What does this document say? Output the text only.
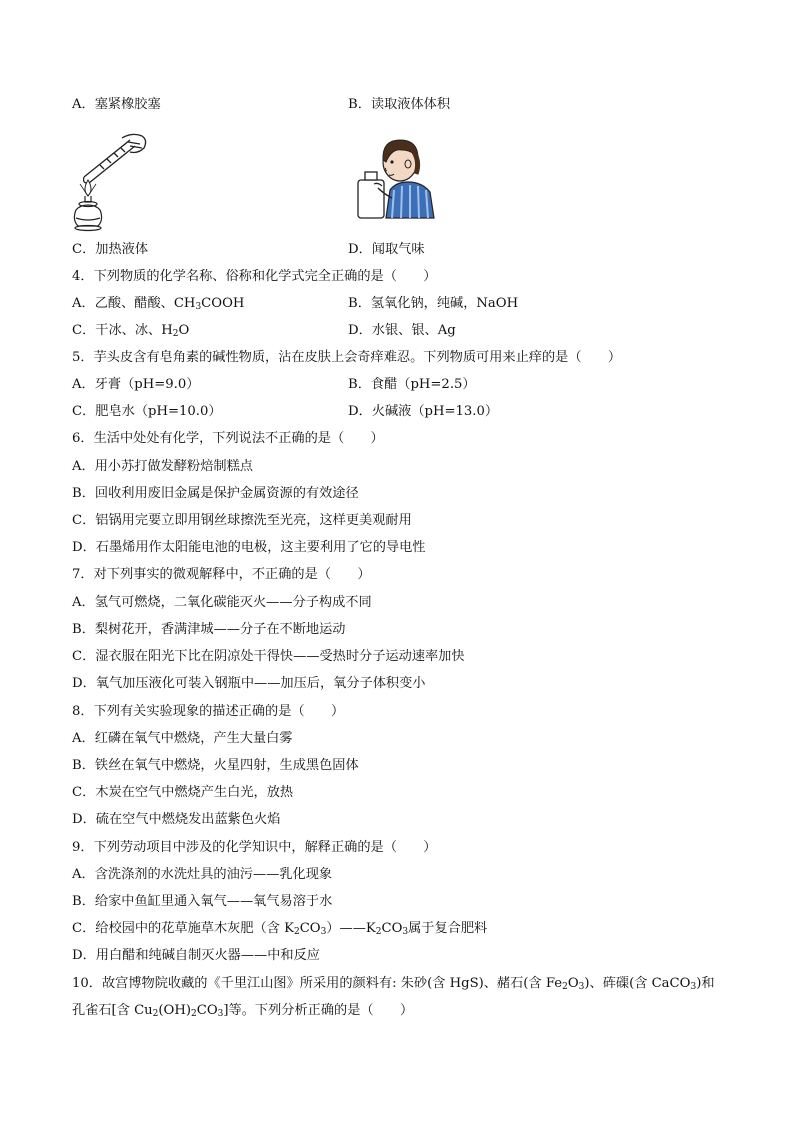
A．塞紧橡胶塞	B．读取液体体积
C．加热液体	D．闻取气味
4．下列物质的化学名称、俗称和化学式完全正确的是（　　）
A．乙酸、醋酸、$CH_3COOH$	B．氢氧化钠，纯碱，NaOH
C．干冰、冰、$H_2O$	D．水银、银、Ag
5．芋头皮含有皂角素的碱性物质，沾在皮肤上会奇痒难忍。下列物质可用来止痒的是（　　）
A．牙膏（pH=9.0）	B．食醋（pH=2.5）
C．肥皂水（pH=10.0）	D．火碱液（pH=13.0）
6．生活中处处有化学，下列说法不正确的是（　　）
A．用小苏打做发酵粉焙制糕点
B．回收利用废旧金属是保护金属资源的有效途径
C．铝锅用完要立即用钢丝球擦洗至光亮，这样更美观耐用
D．石墨烯用作太阳能电池的电极，这主要利用了它的导电性
7．对下列事实的微观解释中，不正确的是（　　）
A．氢气可燃烧，二氧化碳能灭火——分子构成不同
B．梨树花开，香满津城——分子在不断地运动
C．湿衣服在阳光下比在阴凉处干得快——受热时分子运动速率加快
D．氧气加压液化可装入钢瓶中——加压后，氧分子体积变小
8．下列有关实验现象的描述正确的是（　　）
A．红磷在氧气中燃烧，产生大量白雾
B．铁丝在氧气中燃烧，火星四射，生成黑色固体
C．木炭在空气中燃烧产生白光，放热
D．硫在空气中燃烧发出蓝紫色火焰
9．下列劳动项目中涉及的化学知识中，解释正确的是（　　）
A．含洗涤剂的水洗灶具的油污——乳化现象
B．给家中鱼缸里通入氧气——氧气易溶于水
C．给校园中的花草施草木灰肥（含 $K_2CO_3)——K_2CO_3$属于复合肥料
D．用白醋和纯碱自制灭火器——中和反应
10．故宫博物院收藏的《千里江山图》所采用的颜料有: 朱砂(含 HgS)、赭石(含 $Fe_2O_3$)、砗磲(含 CaCO$_3$)和
孔雀石[含 $Cu_2(OH)_2CO_3$]等。下列分析正确的是（　　）
